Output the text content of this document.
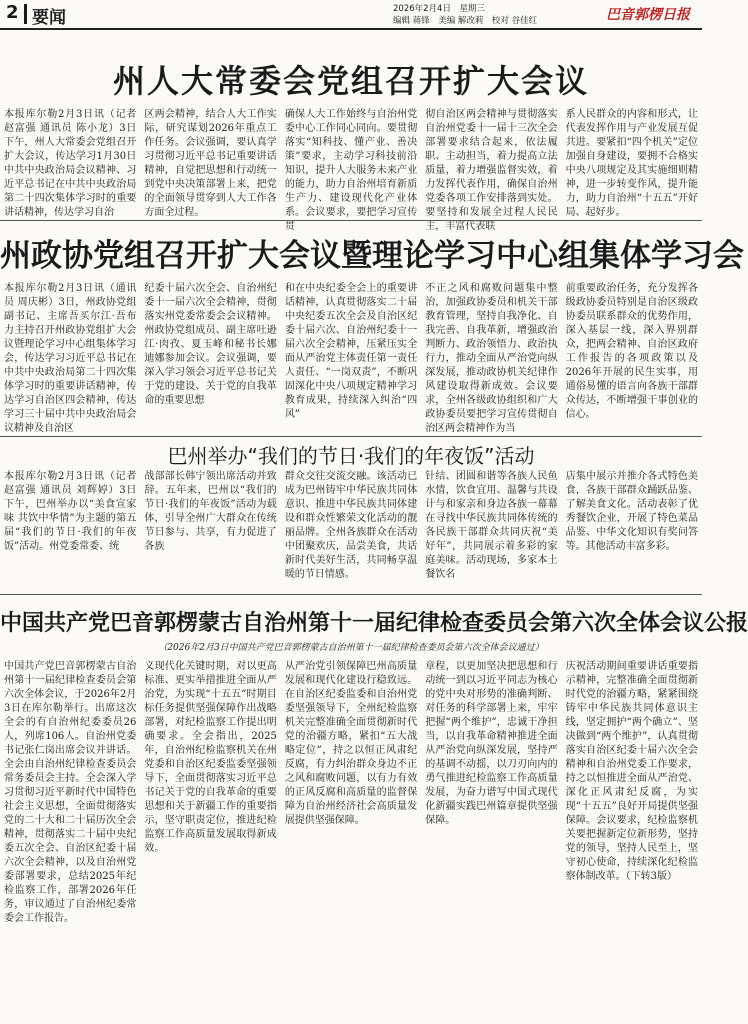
2 要闻	2026年2月4日　星期三
编辑 蒋锋　美编 解改莉　校对 谷佳红	巴音郭楞日报
州人大常委会党组召开扩大会议
本报库尔勒2月3日讯（记者 赵富强 通讯员 陈小龙）3日下午，州人大常委会党组召开扩大会议，传达学习1月30日中共中央政治局会议精神、习近平总书记在中共中央政治局第二十四次集体学习时的重要讲话精神，传达学习自治
区两会精神，结合人大工作实际，研究谋划2026年重点工作任务。会议强调，要认真学习贯彻习近平总书记重要讲话精神，自觉把思想和行动统一到党中央决策部署上来，把党的全面领导贯穿到人大工作各方面全过程。
确保人大工作始终与自治州党委中心工作同心同向。要贯彻落实“知科技、懂产业、善决策”要求，主动学习科技前沿知识，提升人大服务未来产业的能力，助力自治州培育新质生产力、建设现代化产业体系。会议要求，要把学习宣传贯
彻自治区两会精神与贯彻落实自治州党委十一届十三次全会部署要求结合起来，依法履职、主动担当，着力提高立法质量，着力增强监督实效，着力发挥代表作用，确保自治州党委各项工作安排落到实处。要坚持和发展全过程人民民主，丰富代表联
系人民群众的内容和形式，让代表发挥作用与产业发展互促共进。要紧扣“四个机关”定位加强自身建设，要拥不合格实中央八项规定及其实施细则精神，进一步转变作风，提升能力，助力自治州“十五五”开好局、起好步。
州政协党组召开扩大会议暨理论学习中心组集体学习会
本报库尔勒2月3日讯（通讯员 周庆彬）3日，州政协党组副书记、主席吾买尔江·吾布力主持召开州政协党组扩大会议暨理论学习中心组集体学习会，传达学习习近平总书记在中共中央政治局第二十四次集体学习时的重要讲话精神，传达学习自治区四会精神，传达学习三十届中共中央政治局会议精神及自治区
纪委十届六次全会、自治州纪委十一届六次全会精神，贯彻落实州党委常委会会议精神。州政协党组成员、副主席吐逊江·肉孜、夏玉峰和秘书长娜迪娜参加会议。会议强调，要深入学习领会习近平总书记关于党的建设、关于党的自我革命的重要思想
和在中央纪委全会上的重要讲话精神，认真贯彻落实二十届中央纪委五次全会及自治区纪委十届六次、自治州纪委十一届六次全会精神，压紧压实全面从严治党主体责任第一责任人责任、“一岗双责”，不断巩固深化中央八项规定精神学习教育成果，持续深入纠治“四风”
不正之风和腐败问题集中整治，加强政协委员和机关干部教育管理，坚持自我净化、自我完善、自我革新，增强政治判断力、政治领悟力、政治执行力，推动全面从严治党向纵深发展，推动政协机关纪律作风建设取得新成效。会议要求，全州各级政协组织和广大政协委员要把学习宣传贯彻自治区两会精神作为当
前重要政治任务，充分发挥各级政协委员特别是自治区级政协委员联系群众的优势作用，深入基层一线，深入界别群众，把两会精神、自治区政府工作报告的各项政策以及2026年开展的民生实事，用通俗易懂的语言向各族干部群众传达，不断增强干事创业的信心。
巴州举办“我们的节日·我们的年夜饭”活动
本报库尔勒2月3日讯（记者 赵富强 通讯员 刘辉婷）3日下午，巴州举办以“美食宣家味 共饮中华情”为主题的第五届“我们的节日·我们的年夜饭”活动。州党委常委、统
战部部长韩宁领出席活动并致辞。五年来，巴州以“我们的节日·我们的年夜饭”活动为载体，引导全州广大群众在传统节日参与、共享，有力促进了各族
群众交往交流交融。该活动已成为巴州铸牢中华民族共同体意识、推进中华民族共同体建设和群众性繁荣文化活动的靓丽品牌。全州各族群众在活动中团聚欢庆，品尝美食，共话新时代美好生活，共同畅享温暖的节日情感。
针结、团圆和谐等各族人民鱼水情，饮食宜用、温馨与共设计与和家亲和身边各族一幕幕在寻找中华民族共同体传统的各民族干部群众共同庆祝“美好年”，共同展示着多彩的家庭美味。活动现场，多家本土餐饮名
店集中展示并推介各式特色美食，各族干部群众踊跃品鉴、了解美食文化。活动表彰了优秀餐饮企业，开展了特色菜品品鉴、中华文化知识有奖问答等。其他活动丰富多彩。
中国共产党巴音郭楞蒙古自治州第十一届纪律检查委员会第六次全体会议公报
（2026年2月3日中国共产党巴音郭楞蒙古自治州第十一届纪律检查委员会第六次全体会议通过）
中国共产党巴音郭楞蒙古自治州第十一届纪律检查委员会第六次全体会议，于2026年2月3日在库尔勒举行。出席这次全会的有自治州纪委委员26人，列席106人。自治州党委书记张仁岗出席会议并讲话。全会由自治州纪律检查委员会常务委员会主持。全会深入学习贯彻习近平新时代中国特色社会主义思想，全面贯彻落实党的二十大和二十届历次全会精神，贯彻落实二十届中央纪委五次全会、自治区纪委十届六次全会精神，以及自治州党委部署要求，总结2025年纪检监察工作，部署2026年任务，审议通过了自治州纪委常委会工作报告。
义现代化关键时期，对以更高标准、更实举措推进全面从严治党，为实现“十五五”时期目标任务提供坚强保障作出战略部署，对纪检监察工作提出明确要求。全会指出，2025年，自治州纪检监察机关在州党委和自治区纪委监委坚强领导下，全面贯彻落实习近平总书记关于党的自我革命的重要思想和关于新疆工作的重要指示，坚守职责定位，推进纪检监察工作高质量发展取得新成效。
从严治党引领保障巴州高质量发展和现代化建设行稳致远。在自治区纪委监委和自治州党委坚强领导下，全州纪检监察机关完整准确全面贯彻新时代党的治疆方略，紧扣“五大战略定位”，持之以恒正风肃纪反腐，有力纠治群众身边不正之风和腐败问题，以有力有效的正风反腐和高质量的监督保障为自治州经济社会高质量发展提供坚强保障。
章程，以更加坚决把思想和行动统一到以习近平同志为核心的党中央对形势的准确判断、对任务的科学部署上来，牢牢把握“两个维护”，忠诚干净担当，以自我革命精神推进全面从严治党向纵深发展，坚持严的基调不动摇，以刀刃向内的勇气推进纪检监察工作高质量发展，为奋力谱写中国式现代化新疆实践巴州篇章提供坚强保障。
庆祝活动期间重要讲话重要指示精神，完整准确全面贯彻新时代党的治疆方略，紧紧围绕铸牢中华民族共同体意识主线，坚定拥护“两个确立”、坚决做到“两个维护”，认真贯彻落实自治区纪委十届六次全会精神和自治州党委工作要求，持之以恒推进全面从严治党、深化正风肃纪反腐，为实现“十五五”良好开局提供坚强保障。会议要求，纪检监察机关要把握新定位新形势，坚持党的领导，坚持人民至上，坚守初心使命，持续深化纪检监察体制改革。（下转3版）
